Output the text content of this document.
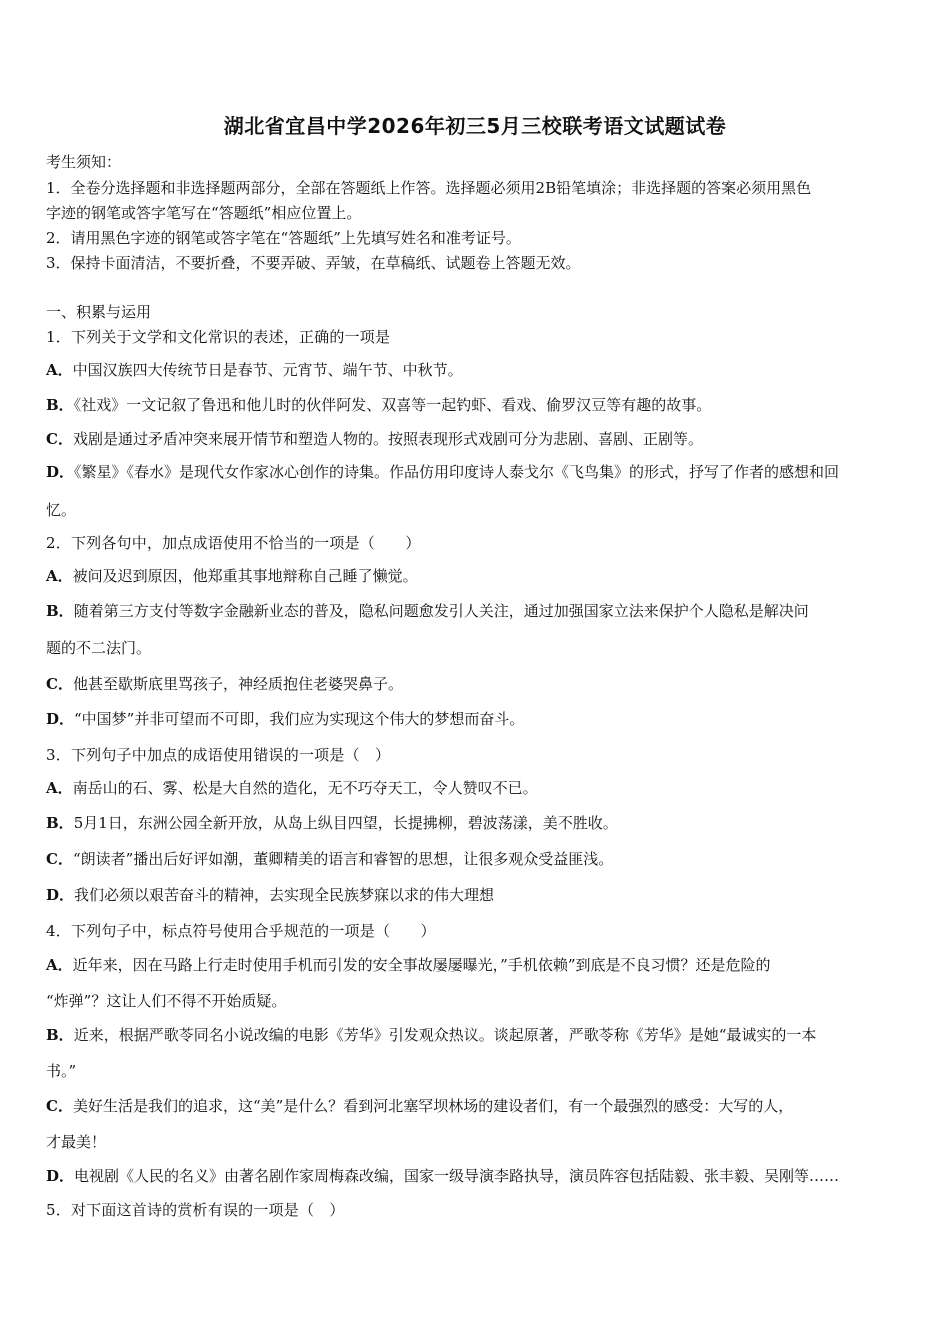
湖北省宜昌中学2026年初三5月三校联考语文试题试卷
考生须知：
1．全卷分选择题和非选择题两部分，全部在答题纸上作答。选择题必须用2B铅笔填涂；非选择题的答案必须用黑色
字迹的钢笔或答字笔写在“答题纸”相应位置上。
2．请用黑色字迹的钢笔或答字笔在“答题纸”上先填写姓名和准考证号。
3．保持卡面清洁，不要折叠，不要弄破、弄皱，在草稿纸、试题卷上答题无效。
一、积累与运用
1．下列关于文学和文化常识的表述，正确的一项是
A．中国汉族四大传统节日是春节、元宵节、端午节、中秋节。
B．《社戏》一文记叙了鲁迅和他儿时的伙伴阿发、双喜等一起钓虾、看戏、偷罗汉豆等有趣的故事。
C．戏剧是通过矛盾冲突来展开情节和塑造人物的。按照表现形式戏剧可分为悲剧、喜剧、正剧等。
D．《繁星》《春水》是现代女作家冰心创作的诗集。作品仿用印度诗人泰戈尔《飞鸟集》的形式，抒写了作者的感想和回
忆。
2．下列各句中，加点成语使用不恰当的一项是（　　）
A．被问及迟到原因，他郑重其事地辩称自己睡了懒觉。
B．随着第三方支付等数字金融新业态的普及，隐私问题愈发引人关注，通过加强国家立法来保护个人隐私是解决问
题的不二法门。
C．他甚至歇斯底里骂孩子，神经质抱住老婆哭鼻子。
D．“中国梦”并非可望而不可即，我们应为实现这个伟大的梦想而奋斗。
3．下列句子中加点的成语使用错误的一项是（　）
A．南岳山的石、雾、松是大自然的造化，无不巧夺天工，令人赞叹不已。
B．5月1日，东洲公园全新开放，从岛上纵目四望，长提拂柳，碧波荡漾，美不胜收。
C．“朗读者”播出后好评如潮，董卿精美的语言和睿智的思想，让很多观众受益匪浅。
D．我们必须以艰苦奋斗的精神，去实现全民族梦寐以求的伟大理想
4．下列句子中，标点符号使用合乎规范的一项是（　　）
A．近年来，因在马路上行走时使用手机而引发的安全事故屡屡曝光，”手机依赖”到底是不良习惯？还是危险的
“炸弹”？这让人们不得不开始质疑。
B．近来，根据严歌苓同名小说改编的电影《芳华》引发观众热议。谈起原著，严歌苓称《芳华》是她“最诚实的一本
书。”
C．美好生活是我们的追求，这“美”是什么？看到河北塞罕坝林场的建设者们，有一个最强烈的感受：大写的人，
才最美！
D．电视剧《人民的名义》由著名剧作家周梅森改编，国家一级导演李路执导，演员阵容包括陆毅、张丰毅、吴刚等……
5．对下面这首诗的赏析有误的一项是（　）
